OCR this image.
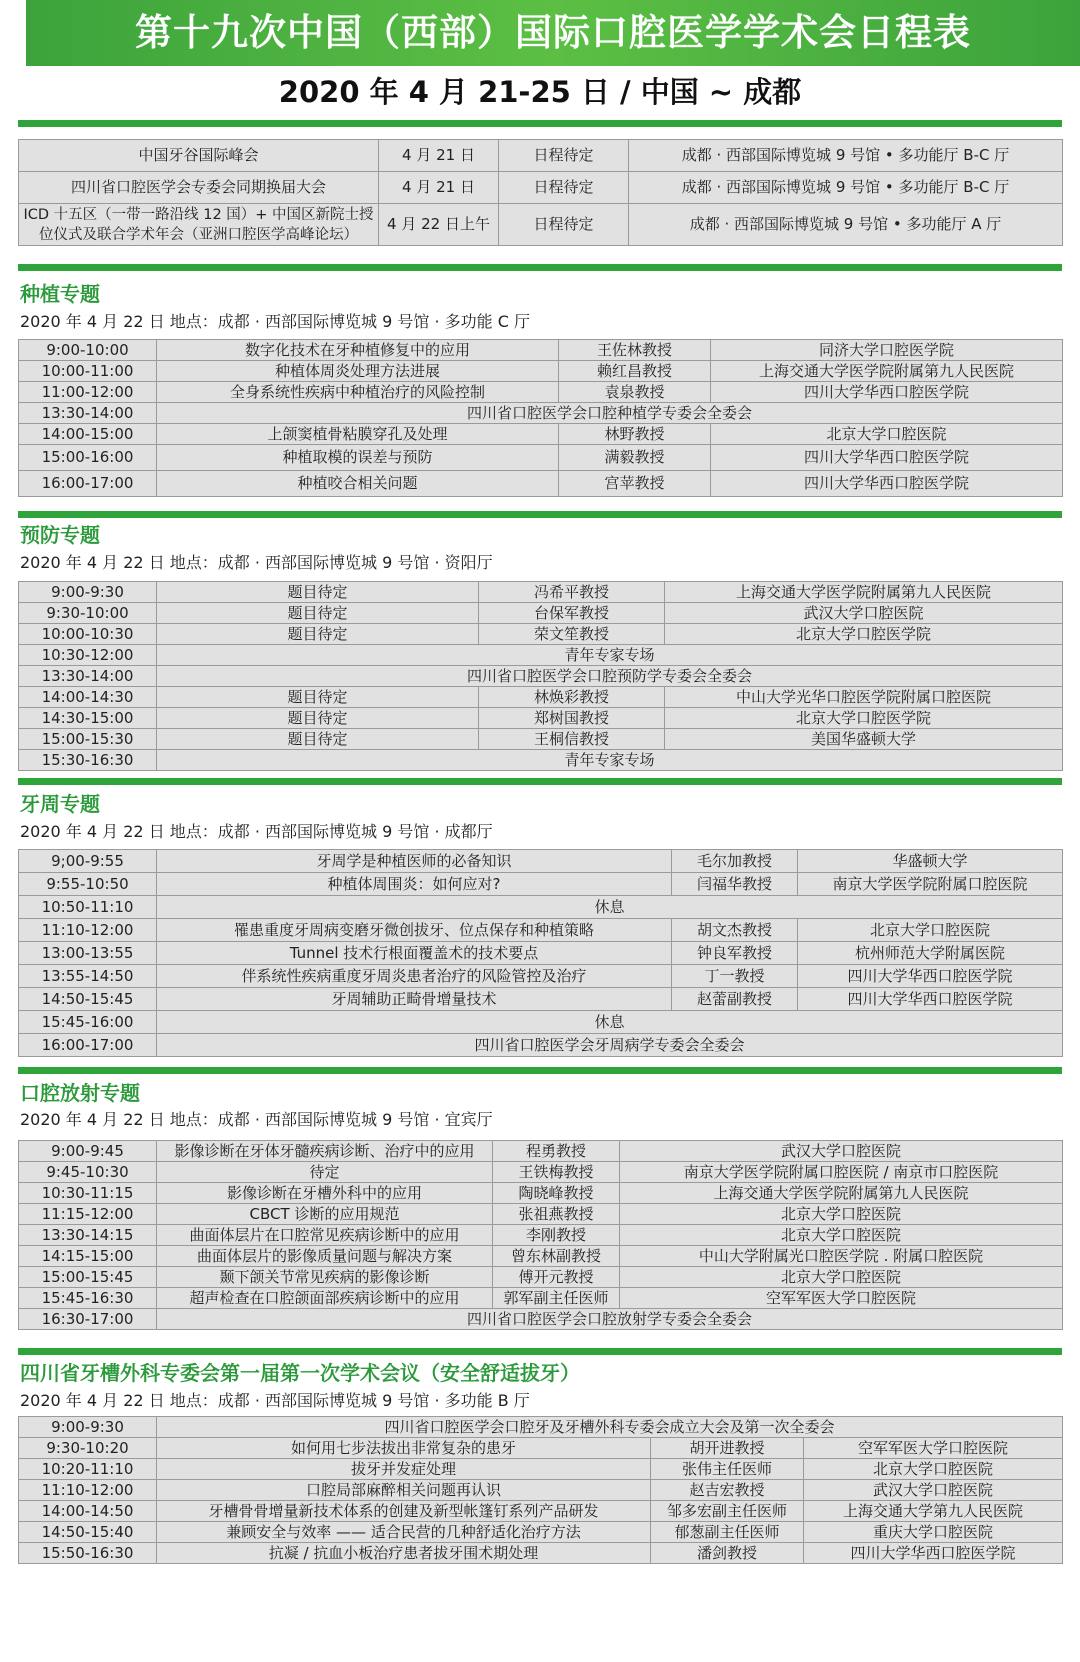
第十九次中国（西部）国际口腔医学学术会日程表
2020 年 4 月 21-25 日 / 中国 ~ 成都
中国牙谷国际峰会	4 月 21 日	日程待定	成都 · 西部国际博览城 9 号馆 • 多功能厅 B-C 厅
四川省口腔医学会专委会同期换届大会	4 月 21 日	日程待定	成都 · 西部国际博览城 9 号馆 • 多功能厅 B-C 厅
ICD 十五区（一带一路沿线 12 国）+ 中国区新院士授位仪式及联合学术年会（亚洲口腔医学高峰论坛）	4 月 22 日上午	日程待定	成都 · 西部国际博览城 9 号馆 • 多功能厅 A 厅
种植专题
2020 年 4 月 22 日 地点：成都 · 西部国际博览城 9 号馆 · 多功能 C 厅
9:00-10:00	数字化技术在牙种植修复中的应用	王佐林教授	同济大学口腔医学院
10:00-11:00	种植体周炎处理方法进展	赖红昌教授	上海交通大学医学院附属第九人民医院
11:00-12:00	全身系统性疾病中种植治疗的风险控制	袁泉教授	四川大学华西口腔医学院
13:30-14:00	四川省口腔医学会口腔种植学专委会全委会		
14:00-15:00	上颌窦植骨粘膜穿孔及处理	林野教授	北京大学口腔医院
15:00-16:00	种植取模的误差与预防	满毅教授	四川大学华西口腔医学院
16:00-17:00	种植咬合相关问题	宫苹教授	四川大学华西口腔医学院
预防专题
2020 年 4 月 22 日 地点：成都 · 西部国际博览城 9 号馆 · 资阳厅
9:00-9:30	题目待定	冯希平教授	上海交通大学医学院附属第九人民医院
9:30-10:00	题目待定	台保军教授	武汉大学口腔医院
10:00-10:30	题目待定	荣文笙教授	北京大学口腔医学院
10:30-12:00	青年专家专场		
13:30-14:00	四川省口腔医学会口腔预防学专委会全委会		
14:00-14:30	题目待定	林焕彩教授	中山大学光华口腔医学院附属口腔医院
14:30-15:00	题目待定	郑树国教授	北京大学口腔医学院
15:00-15:30	题目待定	王桐信教授	美国华盛顿大学
15:30-16:30	青年专家专场		
牙周专题
2020 年 4 月 22 日 地点：成都 · 西部国际博览城 9 号馆 · 成都厅
9;00-9:55	牙周学是种植医师的必备知识	毛尔加教授	华盛顿大学
9:55-10:50	种植体周围炎：如何应对?	闫福华教授	南京大学医学院附属口腔医院
10:50-11:10	休息		
11:10-12:00	罹患重度牙周病变磨牙微创拔牙、位点保存和种植策略	胡文杰教授	北京大学口腔医院
13:00-13:55	Tunnel 技术行根面覆盖术的技术要点	钟良军教授	杭州师范大学附属医院
13:55-14:50	伴系统性疾病重度牙周炎患者治疗的风险管控及治疗	丁一教授	四川大学华西口腔医学院
14:50-15:45	牙周辅助正畸骨增量技术	赵蕾副教授	四川大学华西口腔医学院
15:45-16:00	休息		
16:00-17:00	四川省口腔医学会牙周病学专委会全委会		
口腔放射专题
2020 年 4 月 22 日 地点：成都 · 西部国际博览城 9 号馆 · 宜宾厅
9:00-9:45	影像诊断在牙体牙髓疾病诊断、治疗中的应用	程勇教授	武汉大学口腔医院
9:45-10:30	待定	王铁梅教授	南京大学医学院附属口腔医院 / 南京市口腔医院
10:30-11:15	影像诊断在牙槽外科中的应用	陶晓峰教授	上海交通大学医学院附属第九人民医院
11:15-12:00	CBCT 诊断的应用规范	张祖燕教授	北京大学口腔医院
13:30-14:15	曲面体层片在口腔常见疾病诊断中的应用	李刚教授	北京大学口腔医院
14:15-15:00	曲面体层片的影像质量问题与解决方案	曾东林副教授	中山大学附属光口腔医学院 . 附属口腔医院
15:00-15:45	颞下颌关节常见疾病的影像诊断	傅开元教授	北京大学口腔医院
15:45-16:30	超声检查在口腔颌面部疾病诊断中的应用	郭军副主任医师	空军军医大学口腔医院
16:30-17:00	四川省口腔医学会口腔放射学专委会全委会		
四川省牙槽外科专委会第一届第一次学术会议（安全舒适拔牙）
2020 年 4 月 22 日 地点：成都 · 西部国际博览城 9 号馆 · 多功能 B 厅
9:00-9:30	四川省口腔医学会口腔牙及牙槽外科专委会成立大会及第一次全委会		
9:30-10:20	如何用七步法拔出非常复杂的患牙	胡开进教授	空军军医大学口腔医院
10:20-11:10	拔牙并发症处理	张伟主任医师	北京大学口腔医院
11:10-12:00	口腔局部麻醉相关问题再认识	赵吉宏教授	武汉大学口腔医院
14:00-14:50	牙槽骨骨增量新技术体系的创建及新型帐篷钉系列产品研发	邹多宏副主任医师	上海交通大学第九人民医院
14:50-15:40	兼顾安全与效率 —— 适合民营的几种舒适化治疗方法	郁葱副主任医师	重庆大学口腔医院
15:50-16:30	抗凝 / 抗血小板治疗患者拔牙围术期处理	潘剑教授	四川大学华西口腔医学院
